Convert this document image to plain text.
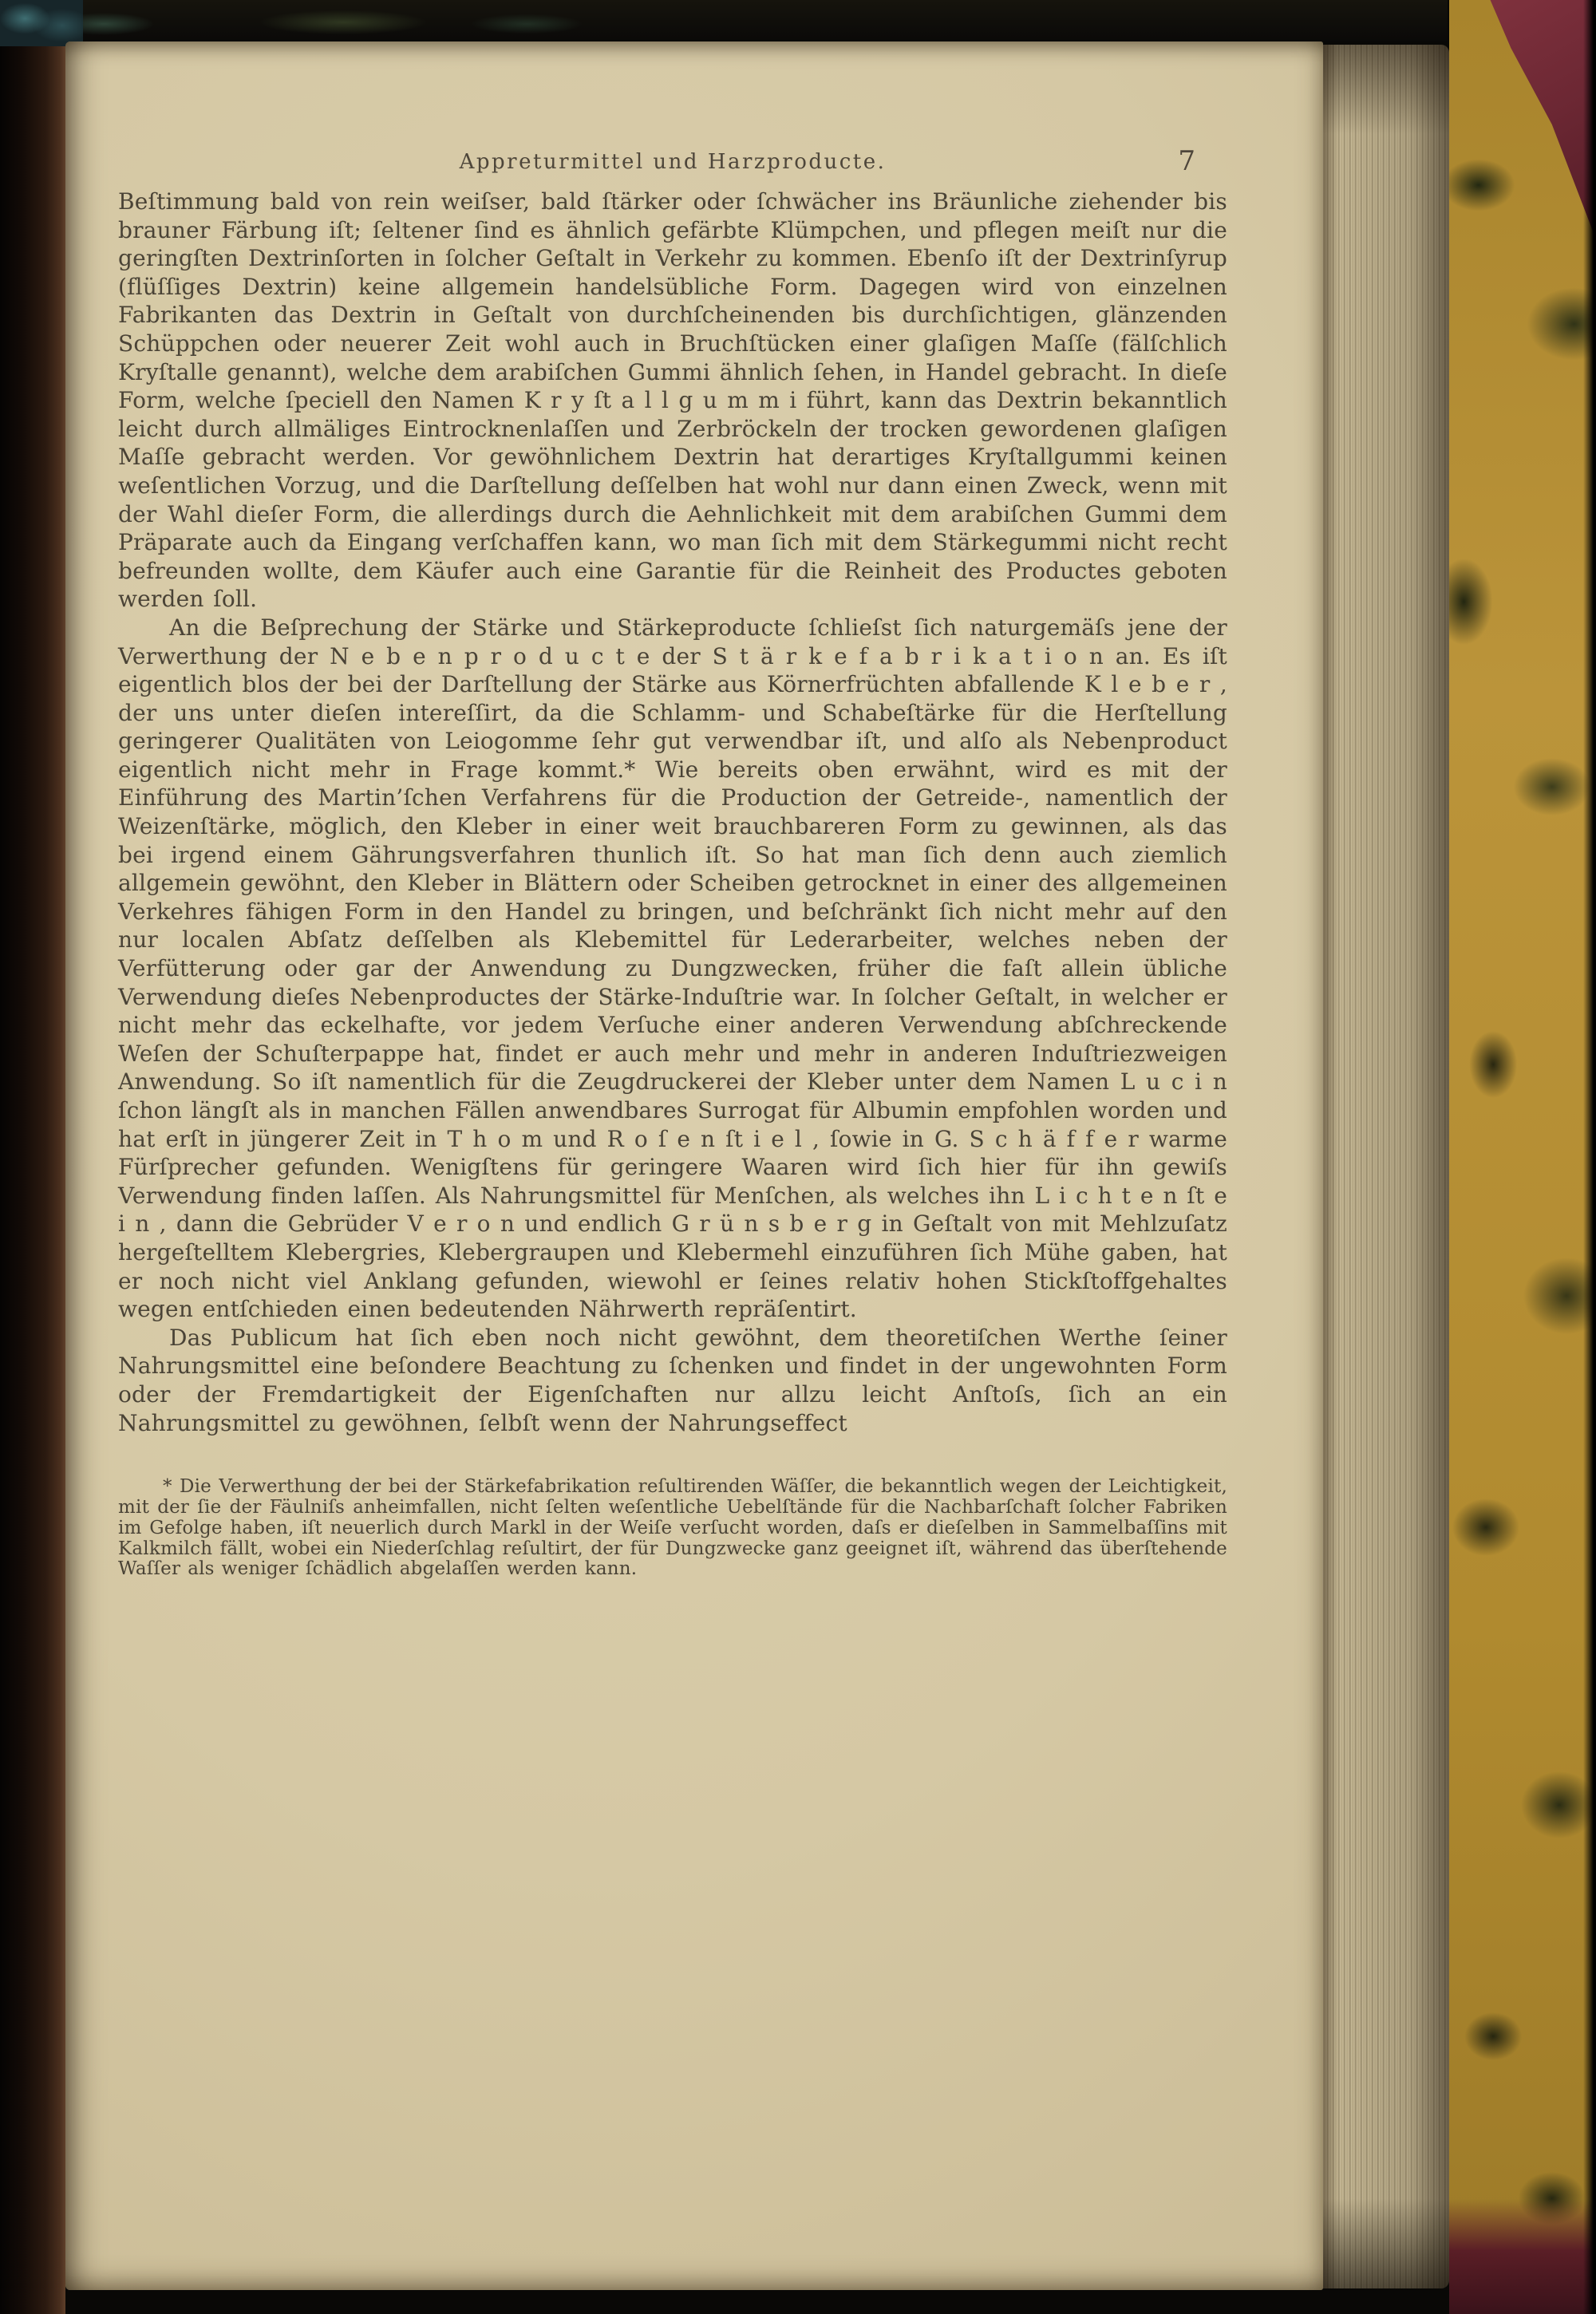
Appreturmittel und Harzproducte.	7

Beſtimmung bald von rein weiſser, bald ſtärker oder ſchwächer ins Bräunliche ziehender bis brauner Färbung iſt; ſeltener ſind es ähnlich gefärbte Klümpchen, und pflegen meiſt nur die geringſten Dextrinſorten in ſolcher Geſtalt in Verkehr zu kommen. Ebenſo iſt der Dextrinſyrup (flüſſiges Dextrin) keine allgemein handelsübliche Form. Dagegen wird von einzelnen Fabrikanten das Dextrin in Geſtalt von durchſcheinenden bis durchſichtigen, glänzenden Schüppchen oder neuerer Zeit wohl auch in Bruchſtücken einer glaſigen Maſſe (fälſchlich Kryſtalle genannt), welche dem arabiſchen Gummi ähnlich ſehen, in Handel gebracht. In dieſe Form, welche ſpeciell den Namen K r y ſt a l l g u m m i führt, kann das Dextrin bekanntlich leicht durch allmäliges Eintrocknenlaſſen und Zerbröckeln der trocken gewordenen glaſigen Maſſe gebracht werden. Vor gewöhnlichem Dextrin hat derartiges Kryſtallgummi keinen weſentlichen Vorzug, und die Darſtellung deſſelben hat wohl nur dann einen Zweck, wenn mit der Wahl dieſer Form, die allerdings durch die Aehnlichkeit mit dem arabiſchen Gummi dem Präparate auch da Eingang verſchaffen kann, wo man ſich mit dem Stärkegummi nicht recht befreunden wollte, dem Käufer auch eine Garantie für die Reinheit des Productes geboten werden ſoll.

An die Beſprechung der Stärke und Stärkeproducte ſchlieſst ſich naturgemäſs jene der Verwerthung der N e b e n p r o d u c t e der S t ä r k e f a b r i k a t i o n an. Es iſt eigentlich blos der bei der Darſtellung der Stärke aus Körnerfrüchten abfallende K l e b e r , der uns unter dieſen intereſſirt, da die Schlamm- und Schabeſtärke für die Herſtellung geringerer Qualitäten von Leiogomme ſehr gut verwendbar iſt, und alſo als Nebenproduct eigentlich nicht mehr in Frage kommt.* Wie bereits oben erwähnt, wird es mit der Einführung des Martin’ſchen Verfahrens für die Production der Getreide-, namentlich der Weizenſtärke, möglich, den Kleber in einer weit brauchbareren Form zu gewinnen, als das bei irgend einem Gährungsverfahren thunlich iſt. So hat man ſich denn auch ziemlich allgemein gewöhnt, den Kleber in Blättern oder Scheiben getrocknet in einer des allgemeinen Verkehres fähigen Form in den Handel zu bringen, und beſchränkt ſich nicht mehr auf den nur localen Abſatz deſſelben als Klebemittel für Lederarbeiter, welches neben der Verfütterung oder gar der Anwendung zu Dungzwecken, früher die faſt allein übliche Verwendung dieſes Nebenproductes der Stärke-Induſtrie war. In ſolcher Geſtalt, in welcher er nicht mehr das eckelhafte, vor jedem Verſuche einer anderen Verwendung abſchreckende Weſen der Schuſterpappe hat, findet er auch mehr und mehr in anderen Induſtriezweigen Anwendung. So iſt namentlich für die Zeugdruckerei der Kleber unter dem Namen L u c i n ſchon längſt als in manchen Fällen anwendbares Surrogat für Albumin empfohlen worden und hat erſt in jüngerer Zeit in T h o m und R o ſ e n ſt i e l , ſowie in G. S c h ä f f e r warme Fürſprecher gefunden. Wenigſtens für geringere Waaren wird ſich hier für ihn gewiſs Verwendung finden laſſen. Als Nahrungsmittel für Menſchen, als welches ihn L i c h t e n ſt e i n , dann die Gebrüder V e r o n und endlich G r ü n s b e r g in Geſtalt von mit Mehlzuſatz hergeſtelltem Klebergries, Klebergraupen und Klebermehl einzuführen ſich Mühe gaben, hat er noch nicht viel Anklang gefunden, wiewohl er ſeines relativ hohen Stickſtoffgehaltes wegen entſchieden einen bedeutenden Nährwerth repräſentirt.

Das Publicum hat ſich eben noch nicht gewöhnt, dem theoretiſchen Werthe ſeiner Nahrungsmittel eine beſondere Beachtung zu ſchenken und findet in der ungewohnten Form oder der Fremdartigkeit der Eigenſchaften nur allzu leicht Anſtoſs, ſich an ein Nahrungsmittel zu gewöhnen, ſelbſt wenn der Nahrungseffect

* Die Verwerthung der bei der Stärkefabrikation reſultirenden Wäſſer, die bekanntlich wegen der Leichtigkeit, mit der ſie der Fäulniſs anheimfallen, nicht ſelten weſentliche Uebelſtände für die Nachbarſchaft ſolcher Fabriken im Gefolge haben, iſt neuerlich durch Markl in der Weiſe verſucht worden, daſs er dieſelben in Sammelbaſſins mit Kalkmilch fällt, wobei ein Niederſchlag reſultirt, der für Dungzwecke ganz geeignet iſt, während das überſtehende Waſſer als weniger ſchädlich abgelaſſen werden kann.
